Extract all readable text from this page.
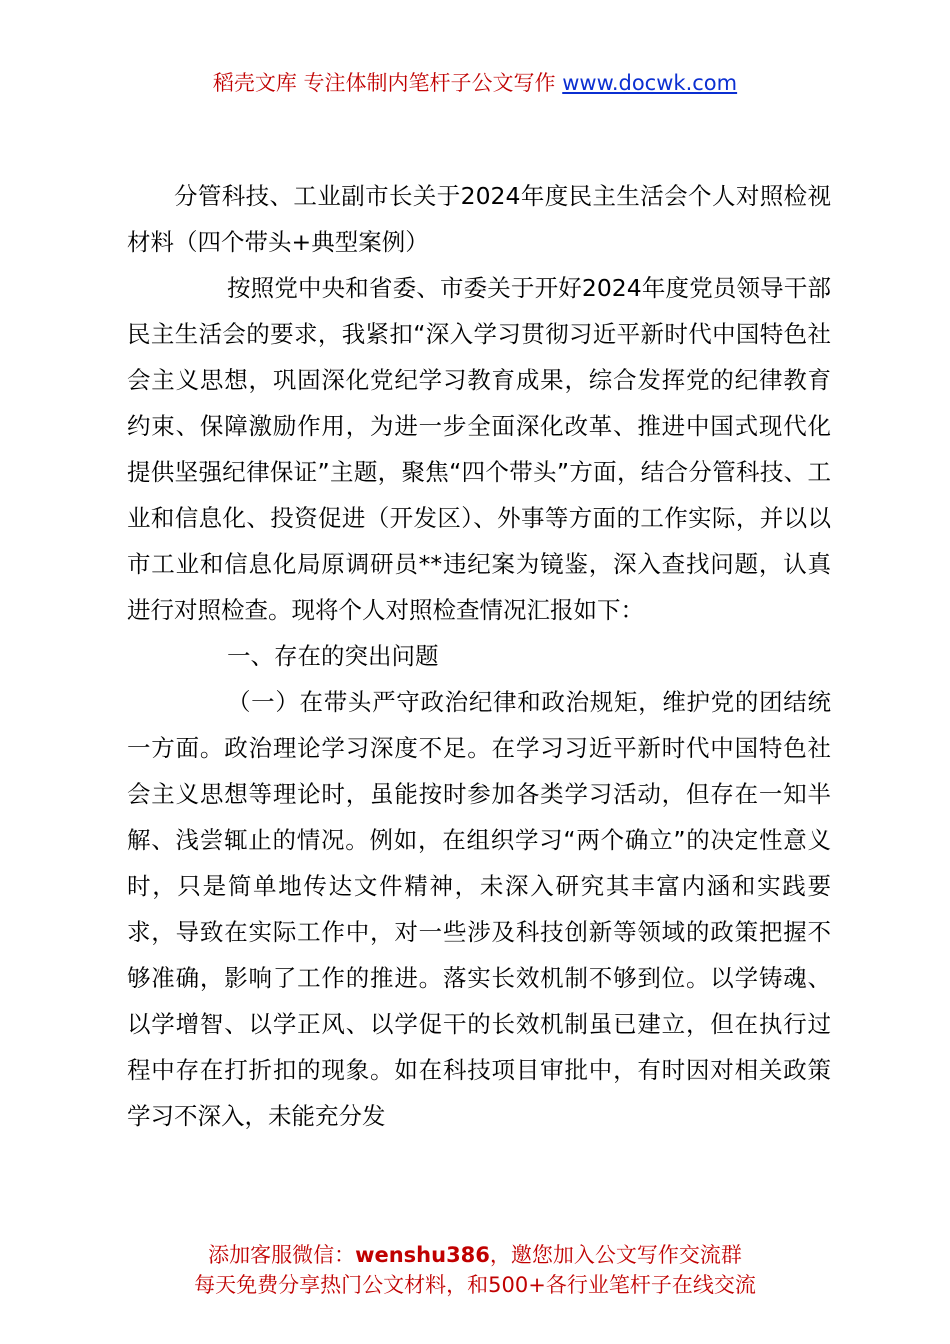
稻壳文库 专注体制内笔杆子公文写作 www.docwk.com

分管科技、工业副市长关于2024年度民主生活会个人对照检视材料（四个带头+典型案例）

按照党中央和省委、市委关于开好2024年度党员领导干部民主生活会的要求，我紧扣“深入学习贯彻习近平新时代中国特色社会主义思想，巩固深化党纪学习教育成果，综合发挥党的纪律教育约束、保障激励作用，为进一步全面深化改革、推进中国式现代化提供坚强纪律保证”主题，聚焦“四个带头”方面，结合分管科技、工业和信息化、投资促进（开发区）、外事等方面的工作实际，并以以市工业和信息化局原调研员**违纪案为镜鉴，深入查找问题，认真进行对照检查。现将个人对照检查情况汇报如下：

一、存在的突出问题

（一）在带头严守政治纪律和政治规矩，维护党的团结统一方面。政治理论学习深度不足。在学习习近平新时代中国特色社会主义思想等理论时，虽能按时参加各类学习活动，但存在一知半解、浅尝辄止的情况。例如，在组织学习“两个确立”的决定性意义时，只是简单地传达文件精神，未深入研究其丰富内涵和实践要求，导致在实际工作中，对一些涉及科技创新等领域的政策把握不够准确，影响了工作的推进。落实长效机制不够到位。以学铸魂、以学增智、以学正风、以学促干的长效机制虽已建立，但在执行过程中存在打折扣的现象。如在科技项目审批中，有时因对相关政策学习不深入，未能充分发

添加客服微信：wenshu386，邀您加入公文写作交流群
每天免费分享热门公文材料，和500+各行业笔杆子在线交流
